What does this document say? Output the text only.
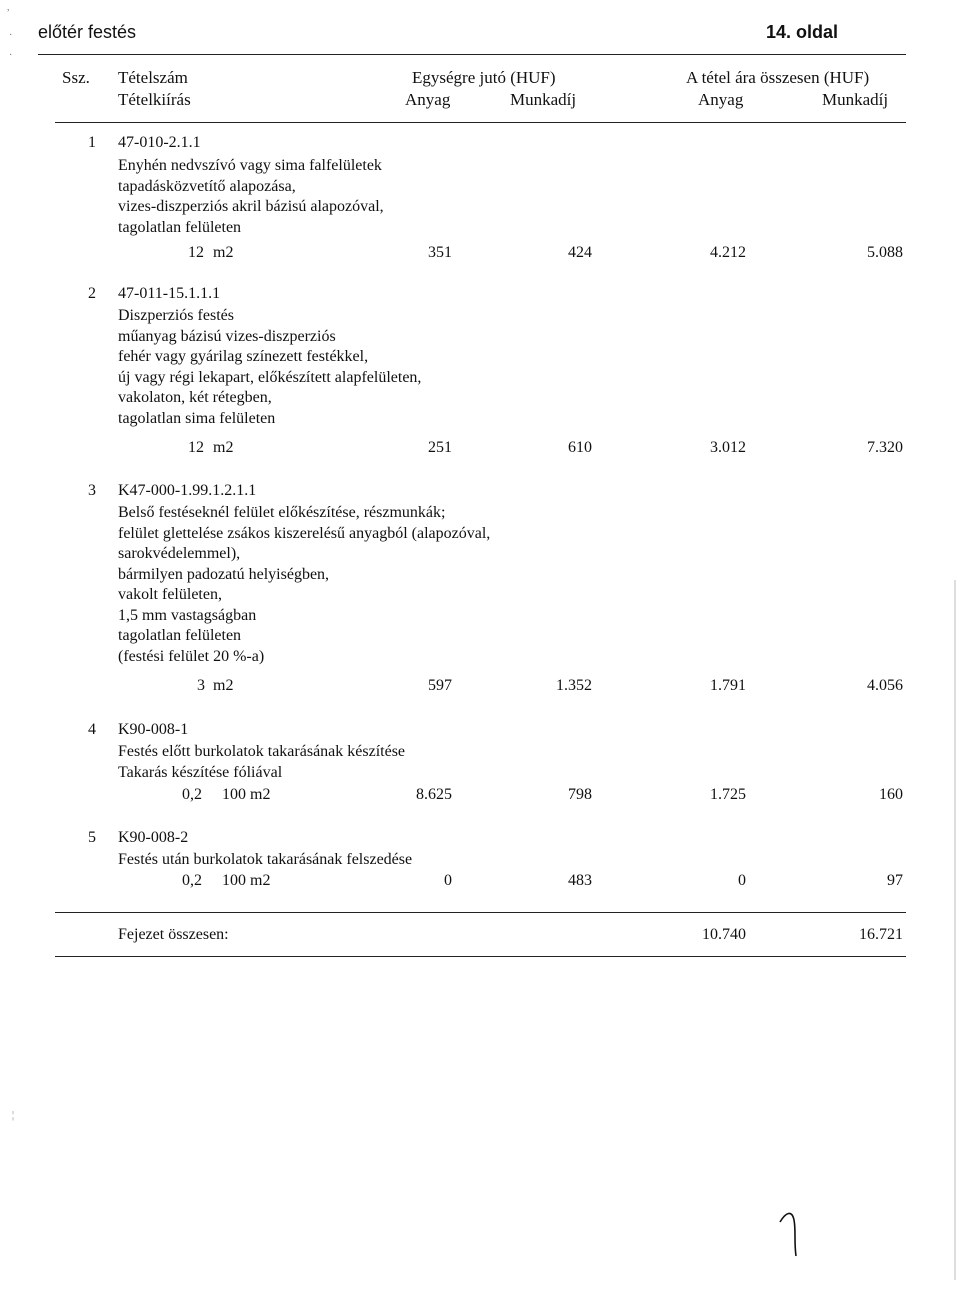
előtér festés	14. oldal
Ssz. Tételszám	Egységre jutó (HUF)	A tétel ára összesen (HUF)
Tételkiírás	Anyag	Munkadíj	Anyag	Munkadíj
1 47-010-2.1.1
Enyhén nedvszívó vagy sima falfelületek
tapadásközvetítő alapozása,
vizes-diszperziós akril bázisú alapozóval,
tagolatlan felületen
12 m2	351	424	4.212	5.088
2 47-011-15.1.1.1
Diszperziós festés
műanyag bázisú vizes-diszperziós
fehér vagy gyárilag színezett festékkel,
új vagy régi lekapart, előkészített alapfelületen,
vakolaton, két rétegben,
tagolatlan sima felületen
12 m2	251	610	3.012	7.320
3 K47-000-1.99.1.2.1.1
Belső festéseknél felület előkészítése, részmunkák;
felület glettelése zsákos kiszerelésű anyagból (alapozóval,
sarokvédelemmel),
bármilyen padozatú helyiségben,
vakolt felületen,
1,5 mm vastagságban
tagolatlan felületen
(festési felület 20 %-a)
3 m2	597	1.352	1.791	4.056
4 K90-008-1
Festés előtt burkolatok takarásának készítése
Takarás készítése fóliával
0,2 100 m2	8.625	798	1.725	160
5 K90-008-2
Festés után burkolatok takarásának felszedése
0,2 100 m2	0	483	0	97
Fejezet összesen:	10.740	16.721
,
·
·
¦
